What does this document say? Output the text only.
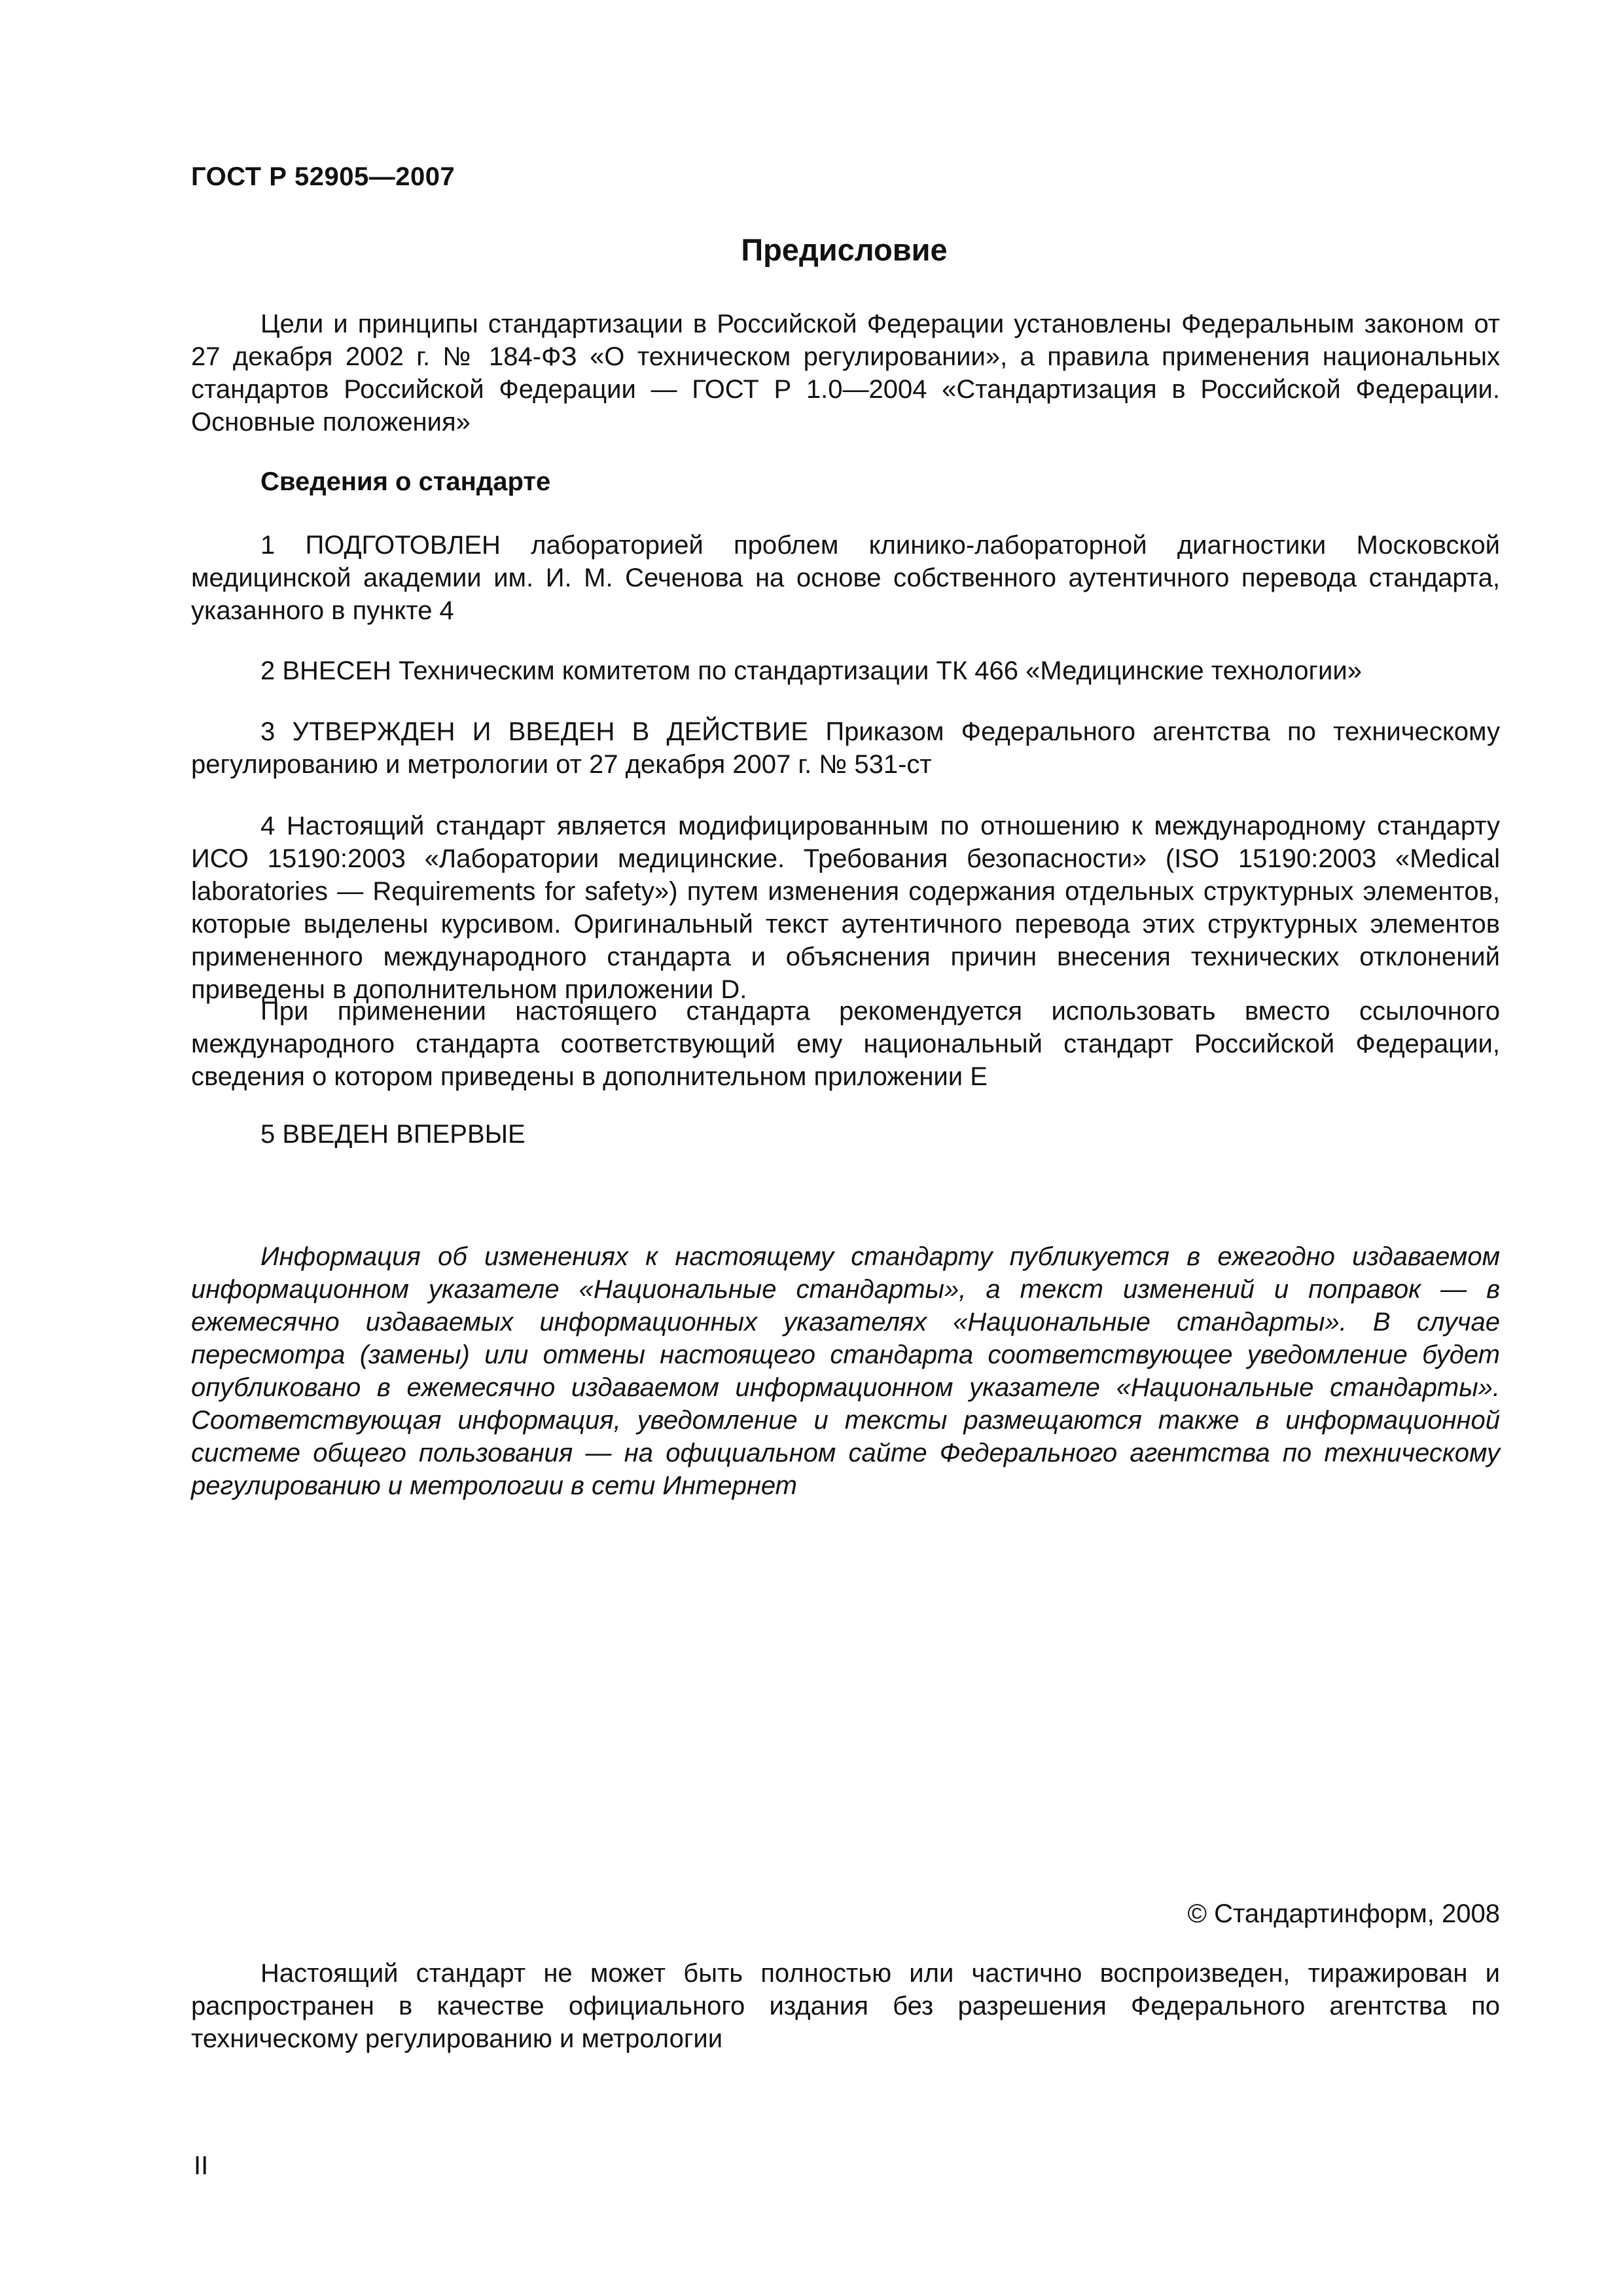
ГОСТ Р 52905—2007
Предисловие

Цели и принципы стандартизации в Российской Федерации установлены Федеральным законом от 27 декабря 2002 г. № 184-ФЗ «О техническом регулировании», а правила применения национальных стандартов Российской Федерации — ГОСТ Р 1.0—2004 «Стандартизация в Российской Федерации. Основные положения»

Сведения о стандарте

1 ПОДГОТОВЛЕН лабораторией проблем клинико-лабораторной диагностики Московской медицинской академии им. И. М. Сеченова на основе собственного аутентичного перевода стандарта, указанного в пункте 4

2 ВНЕСЕН Техническим комитетом по стандартизации ТК 466 «Медицинские технологии»

3 УТВЕРЖДЕН И ВВЕДЕН В ДЕЙСТВИЕ Приказом Федерального агентства по техническому регулированию и метрологии от 27 декабря 2007 г. № 531-ст

4 Настоящий стандарт является модифицированным по отношению к международному стандарту ИСО 15190:2003 «Лаборатории медицинские. Требования безопасности» (ISO 15190:2003 «Medical laboratories — Requirements for safety») путем изменения содержания отдельных структурных элементов, которые выделены курсивом. Оригинальный текст аутентичного перевода этих структурных элементов примененного международного стандарта и объяснения причин внесения технических отклонений приведены в дополнительном приложении D.

При применении настоящего стандарта рекомендуется использовать вместо ссылочного международного стандарта соответствующий ему национальный стандарт Российской Федерации, сведения о котором приведены в дополнительном приложении Е

5 ВВЕДЕН ВПЕРВЫЕ

Информация об изменениях к настоящему стандарту публикуется в ежегодно издаваемом информационном указателе «Национальные стандарты», а текст изменений и поправок — в ежемесячно издаваемых информационных указателях «Национальные стандарты». В случае пересмотра (замены) или отмены настоящего стандарта соответствующее уведомление будет опубликовано в ежемесячно издаваемом информационном указателе «Национальные стандарты». Соответствующая информация, уведомление и тексты размещаются также в информационной системе общего пользования — на официальном сайте Федерального агентства по техническому регулированию и метрологии в сети Интернет

© Стандартинформ, 2008

Настоящий стандарт не может быть полностью или частично воспроизведен, тиражирован и распространен в качестве официального издания без разрешения Федерального агентства по техническому регулированию и метрологии

II
